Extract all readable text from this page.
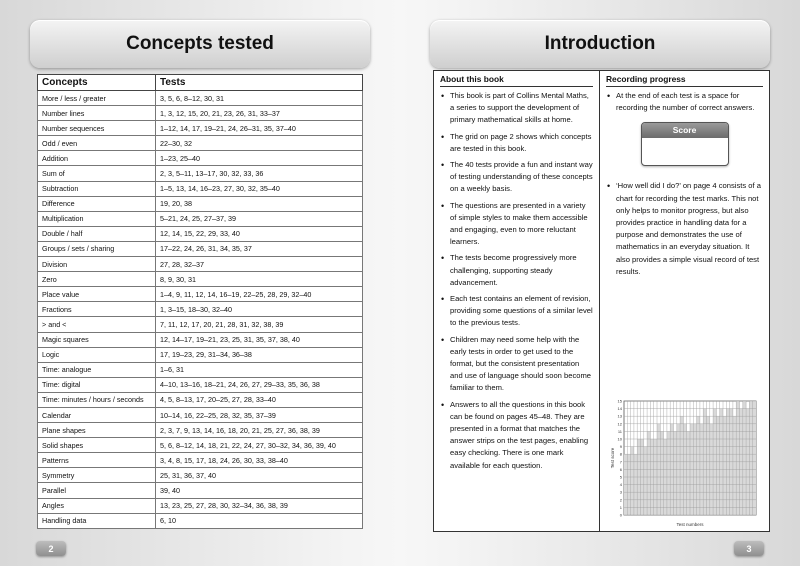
Concepts tested
Concepts	Tests
More / less / greater	3, 5, 6, 8–12, 30, 31
Number lines	1, 3, 12, 15, 20, 21, 23, 26, 31, 33–37
Number sequences	1–12, 14, 17, 19–21, 24, 26–31, 35, 37–40
Odd / even	22–30, 32
Addition	1–23, 25–40
Sum of	2, 3, 5–11, 13–17, 30, 32, 33, 36
Subtraction	1–5, 13, 14, 16–23, 27, 30, 32, 35–40
Difference	19, 20, 38
Multiplication	5–21, 24, 25, 27–37, 39
Double / half	12, 14, 15, 22, 29, 33, 40
Groups / sets / sharing	17–22, 24, 26, 31, 34, 35, 37
Division	27, 28, 32–37
Zero	8, 9, 30, 31
Place value	1–4, 9, 11, 12, 14, 16–19, 22–25, 28, 29, 32–40
Fractions	1, 3–15, 18–30, 32–40
> and <	7, 11, 12, 17, 20, 21, 28, 31, 32, 38, 39
Magic squares	12, 14–17, 19–21, 23, 25, 31, 35, 37, 38, 40
Logic	17, 19–23, 29, 31–34, 36–38
Time: analogue	1–6, 31
Time: digital	4–10, 13–16, 18–21, 24, 26, 27, 29–33, 35, 36, 38
Time: minutes / hours / seconds	4, 5, 8–13, 17, 20–25, 27, 28, 33–40
Calendar	10–14, 16, 22–25, 28, 32, 35, 37–39
Plane shapes	2, 3, 7, 9, 13, 14, 16, 18, 20, 21, 25, 27, 36, 38, 39
Solid shapes	5, 6, 8–12, 14, 18, 21, 22, 24, 27, 30–32, 34, 36, 39, 40
Patterns	3, 4, 8, 15, 17, 18, 24, 26, 30, 33, 38–40
Symmetry	25, 31, 36, 37, 40
Parallel	39, 40
Angles	13, 23, 25, 27, 28, 30, 32–34, 36, 38, 39
Handling data	6, 10
2
Introduction
About this book
• This book is part of Collins Mental Maths, a series to support the development of primary mathematical skills at home.
• The grid on page 2 shows which concepts are tested in this book.
• The 40 tests provide a fun and instant way of testing understanding of these concepts on a weekly basis.
• The questions are presented in a variety of simple styles to make them accessible and engaging, even to more reluctant learners.
• The tests become progressively more challenging, supporting steady advancement.
• Each test contains an element of revision, providing some questions of a similar level to the previous tests.
• Children may need some help with the early tests in order to get used to the format, but the consistent presentation and use of language should soon become familiar to them.
• Answers to all the questions in this book can be found on pages 45–48. They are presented in a format that matches the answer strips on the test pages, enabling easy checking. There is one mark available for each question.
Recording progress
• At the end of each test is a space for recording the number of correct answers.
Score
• ‘How well did I do?’ on page 4 consists of a chart for recording the test marks. This not only helps to monitor progress, but also provides practice in handling data for a purpose and demonstrates the use of mathematics in an everyday situation. It also provides a simple visual record of test results.
0
1
2
3
4
5
6
7
8
9
10
11
12
13
14
15
Test score
Test numbers
3
